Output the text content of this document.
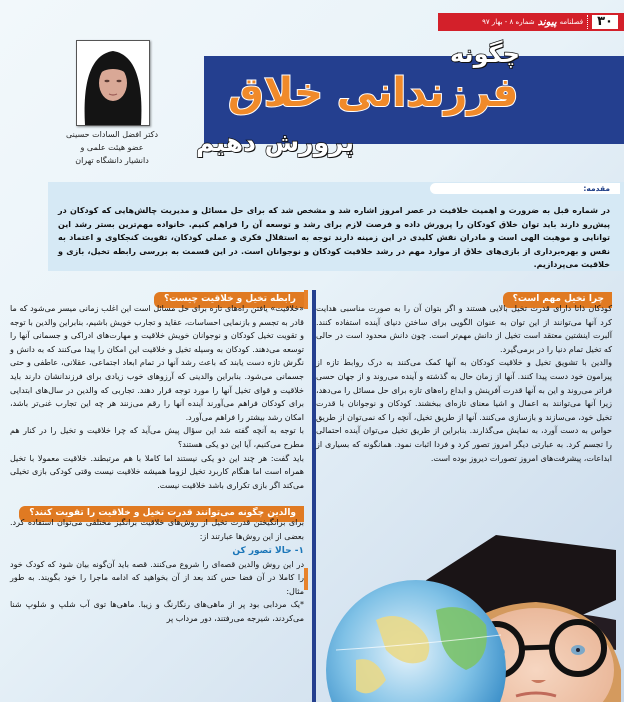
۳۰
فصلنامه
پیوند
شماره ۸ - بهار ۹۷
چگونه
فرزندانی خلاق
پرورش دهیم
دکتر افضل السادات حسینی
عضو هیئت علمی و
دانشیار دانشگاه تهران
مقدمه:

در شماره قبل به ضرورت و اهمیت خلاقیت در عصر امروز اشاره شد و مشخص شد که برای حل مسائل و مدیریت چالش‌هایی که کودکان در پیش‌رو دارند باید توان خلاق کودکان را پرورش داده و فرصت لازم برای رشد و توسعه آن را فراهم کنیم. خانواده مهم‌ترین بستر رشد این توانایی و موهبت الهی است و مادران نقش کلیدی در این زمینه دارند توجه به استقلال فکری و عملی کودکان، تقویت کنجکاوی و اعتماد به نفس و بهره‌برداری از بازی‌های خلاق از موارد مهم در رشد خلاقیت کودکان و نوجوانان است. در این قسمت به بررسی رابطه تخیل، بازی و خلاقیت می‌پردازیم.

چرا تخیل مهم است؟

کودکان ذاتا دارای قدرت تخیل بالایی هستند و اگر بتوان آن را به صورت مناسبی هدایت کرد آنها می‌توانند از این توان به عنوان الگویی برای ساختن دنیای آینده استفاده کنند. آلبرت اینشتین معتقد است تخیل از دانش مهم‌تر است. چون دانش محدود است در حالی که تخیل تمام دنیا را در برمی‌گیرد.

والدین با تشویق تخیل و خلاقیت کودکان به آنها کمک می‌کنند به درک روابط تازه از پیرامون خود دست پیدا کنند. آنها از زمان حال به گذشته و آینده می‌روند و از جهان حسی فراتر می‌روند و این به آنها قدرت آفرینش و ابداع راه‌های تازه برای حل مسائل را می‌دهد، زیرا آنها می‌توانند به اعمال و اشیا معنای تازه‌ای ببخشند. کودکان و نوجوانان با قدرت تخیل خود، می‌سازند و بازسازی می‌کنند. آنها از طریق تخیل، آنچه را که نمی‌توان از طریق حواس به دست آورد، به نمایش می‌گذارند. بنابراین از طریق تخیل می‌توان آینده احتمالی را تجسم کرد. به عبارتی دیگر امروز تصور کرد و فردا اثبات نمود. همانگونه که بسیاری از ابداعات، پیشرفت‌های امروز تصورات دیروز بوده است.

رابطه تخیل و خلاقیت چیست؟

«خلاقیت» یافتن راه‌های تازه برای حل مسائل است این اغلب زمانی میسر می‌شود که ما قادر به تجسم و بازنمایی احساسات، عقاید و تجارب خویش باشیم، بنابراین والدین با توجه و تقویت تخیل کودکان و نوجوانان خویش خلاقیت و مهارت‌های ادراکی و جسمانی آنها را توسعه می‌دهند. کودکان به وسیله تخیل و خلاقیت این امکان را پیدا می‌کنند که به دانش و نگرش تازه دست یابند که باعث رشد آنها در تمام ابعاد اجتماعی، عقلانی، عاطفی و حتی جسمانی می‌شود. بنابراین والدینی که آرزوهای خوب زیادی برای فرزندانشان دارند باید خلاقیت و قوای تخیل آنها را مورد توجه قرار دهند. تجاربی که والدین در سال‌های ابتدایی برای کودکان فراهم می‌آورند آینده آنها را رقم می‌زنند هر چه این تجارب غنی‌تر باشد، امکان رشد بیشتر را فراهم می‌آورد.

با توجه به آنچه گفته شد این سؤال پیش می‌آید که چرا خلاقیت و تخیل را در کنار هم مطرح می‌کنیم، آیا این دو یکی هستند؟

باید گفت: هر چند این دو یکی نیستند اما کاملا با هم مرتبطند. خلاقیت معمولا با تخیل همراه است اما هنگام کاربرد تخیل لزوما همیشه خلاقیت نیست وقتی کودکی بازی تخیلی می‌کند اگر بازی تکراری باشد خلاقیت نیست.

والدین چگونه می‌توانند قدرت تخیل و خلاقیت را تقویت کنند؟

برای برانگیختن قدرت تخیل از روش‌های خلاقیت برانگیز مختلفی می‌توان استفاده کرد. بعضی از این روش‌ها عبارتند از:

۱- حالا تصور کن

در این روش والدین قصه‌ای را شروع می‌کنند. قصه باید آن‌گونه بیان شود که کودک خود را کاملا در آن فضا حس کند بعد از آن بخواهید که ادامه ماجرا را خود بگویند. به طور مثال:

*یک مردابی بود پر از ماهی‌های رنگارنگ و زیبا. ماهی‌ها توی آب شلپ و شلوپ شنا می‌کردند، شیرجه می‌رفتند، دور مرداب پر
